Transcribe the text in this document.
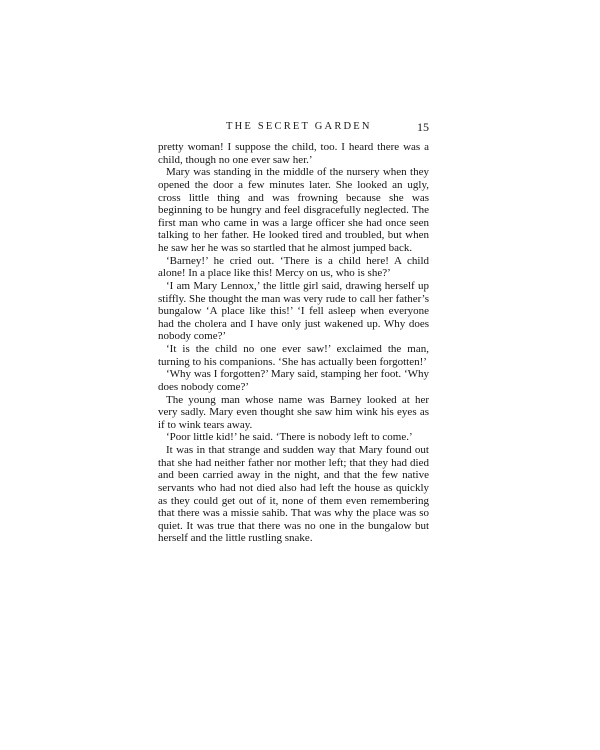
THE SECRET GARDEN	15

pretty woman! I suppose the child, too. I heard there was a child, though no one ever saw her.’

Mary was standing in the middle of the nursery when they opened the door a few minutes later. She looked an ugly, cross little thing and was frowning because she was beginning to be hungry and feel disgracefully neglected. The first man who came in was a large officer she had once seen talking to her father. He looked tired and troubled, but when he saw her he was so startled that he almost jumped back.

‘Barney!’ he cried out. ‘There is a child here! A child alone! In a place like this! Mercy on us, who is she?’

‘I am Mary Lennox,’ the little girl said, drawing herself up stiffly. She thought the man was very rude to call her father’s bungalow ‘A place like this!’ ‘I fell asleep when everyone had the cholera and I have only just wakened up. Why does nobody come?’

‘It is the child no one ever saw!’ exclaimed the man, turning to his companions. ‘She has actually been forgotten!’

‘Why was I forgotten?’ Mary said, stamping her foot. ‘Why does nobody come?’

The young man whose name was Barney looked at her very sadly. Mary even thought she saw him wink his eyes as if to wink tears away.

‘Poor little kid!’ he said. ‘There is nobody left to come.’

It was in that strange and sudden way that Mary found out that she had neither father nor mother left; that they had died and been carried away in the night, and that the few native servants who had not died also had left the house as quickly as they could get out of it, none of them even remembering that there was a missie sahib. That was why the place was so quiet. It was true that there was no one in the bungalow but herself and the little rustling snake.
